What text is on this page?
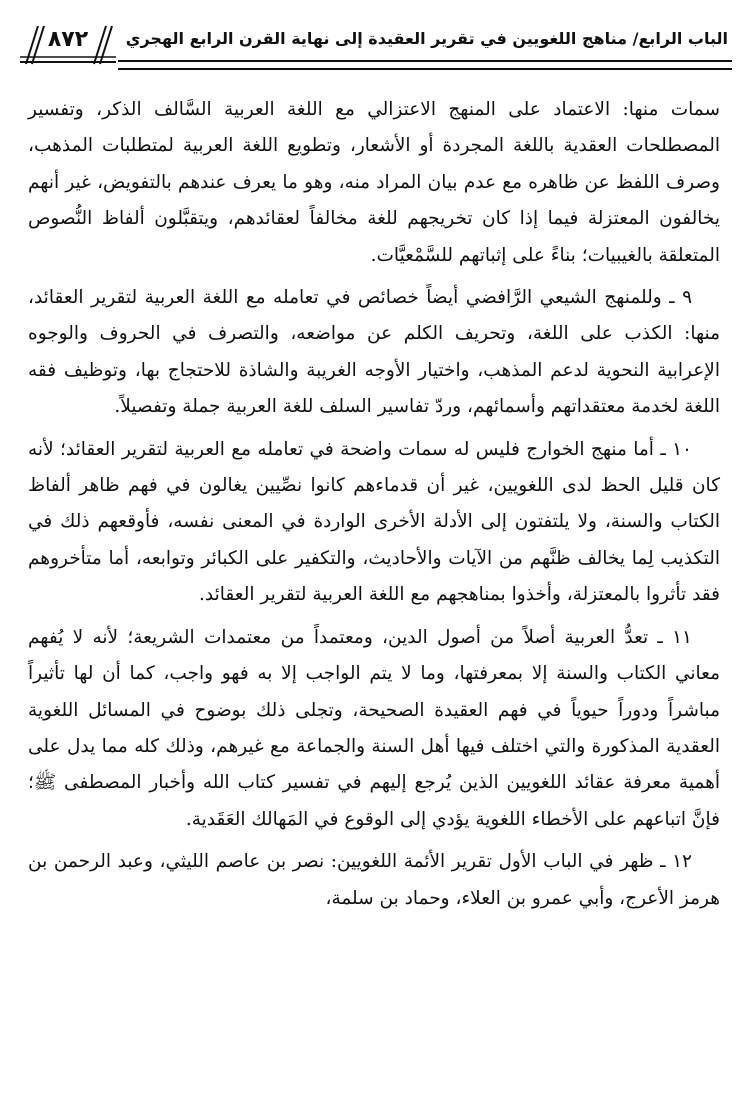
٨٧٢	الباب الرابع/ مناهج اللغويين في تقرير العقيدة إلى نهاية القرن الرابع الهجري

سمات منها: الاعتماد على المنهج الاعتزالي مع اللغة العربية السَّالف الذكر، وتفسير المصطلحات العقدية باللغة المجردة أو الأشعار، وتطويع اللغة العربية لمتطلبات المذهب، وصرف اللفظ عن ظاهره مع عدم بيان المراد منه، وهو ما يعرف عندهم بالتفويض، غير أنهم يخالفون المعتزلة فيما إذا كان تخريجهم للغة مخالفاً لعقائدهم، ويتقبَّلون ألفاظ النُّصوص المتعلقة بالغيبيات؛ بناءً على إثباتهم للسَّمْعيَّات.

٩ ـ وللمنهج الشيعي الرَّافضي أيضاً خصائص في تعامله مع اللغة العربية لتقرير العقائد، منها: الكذب على اللغة، وتحريف الكلم عن مواضعه، والتصرف في الحروف والوجوه الإعرابية النحوية لدعم المذهب، واختيار الأوجه الغريبة والشاذة للاحتجاج بها، وتوظيف فقه اللغة لخدمة معتقداتهم وأسمائهم، وردّ تفاسير السلف للغة العربية جملة وتفصيلاً.

١٠ ـ أما منهج الخوارج فليس له سمات واضحة في تعامله مع العربية لتقرير العقائد؛ لأنه كان قليل الحظ لدى اللغويين، غير أن قدماءهم كانوا نصِّيين يغالون في فهم ظاهر ألفاظ الكتاب والسنة، ولا يلتفتون إلى الأدلة الأخرى الواردة في المعنى نفسه، فأوقعهم ذلك في التكذيب لِما يخالف ظنَّهم من الآيات والأحاديث، والتكفير على الكبائر وتوابعه، أما متأخروهم فقد تأثروا بالمعتزلة، وأخذوا بمناهجهم مع اللغة العربية لتقرير العقائد.

١١ ـ تعدُّ العربية أصلاً من أصول الدين، ومعتمداً من معتمدات الشريعة؛ لأنه لا يُفهم معاني الكتاب والسنة إلا بمعرفتها، وما لا يتم الواجب إلا به فهو واجب، كما أن لها تأثيراً مباشراً ودوراً حيوياً في فهم العقيدة الصحيحة، وتجلى ذلك بوضوح في المسائل اللغوية العقدية المذكورة والتي اختلف فيها أهل السنة والجماعة مع غيرهم، وذلك كله مما يدل على أهمية معرفة عقائد اللغويين الذين يُرجع إليهم في تفسير كتاب الله وأخبار المصطفى ﷺ؛ فإنَّ اتباعهم على الأخطاء اللغوية يؤدي إلى الوقوع في المَهالك العَقَدية.

١٢ ـ ظهر في الباب الأول تقرير الأئمة اللغويين: نصر بن عاصم الليثي، وعبد الرحمن بن هرمز الأعرج، وأبي عمرو بن العلاء، وحماد بن سلمة،
